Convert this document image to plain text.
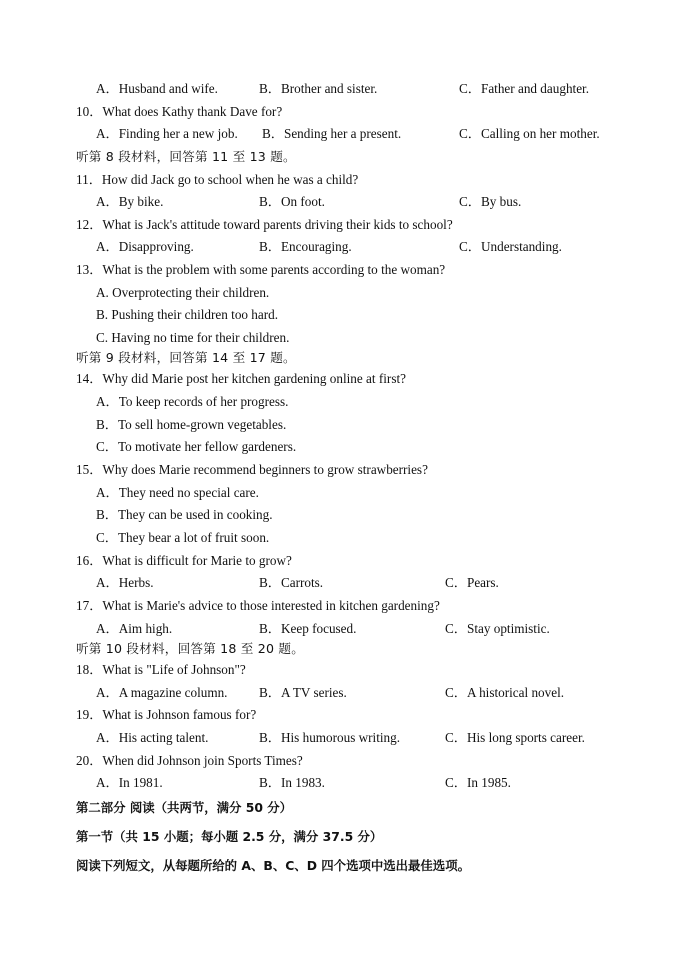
A．Husband and wife.	B．Brother and sister.	C．Father and daughter.
10．What does Kathy thank Dave for?
A．Finding her a new job. B．Sending her a present.	C．Calling on her mother.
听第 8 段材料，回答第 11 至 13 题。
11．How did Jack go to school when he was a child?
A．By bike.	B．On foot.	C．By bus.
12．What is Jack's attitude toward parents driving their kids to school?
A．Disapproving.	B．Encouraging.	C．Understanding.
13．What is the problem with some parents according to the woman?
A. Overprotecting their children.
B. Pushing their children too hard.
C. Having no time for their children.
听第 9 段材料，回答第 14 至 17 题。
14．Why did Marie post her kitchen gardening online at first?
A．To keep records of her progress.
B．To sell home-grown vegetables.
C．To motivate her fellow gardeners.
15．Why does Marie recommend beginners to grow strawberries?
A．They need no special care.
B．They can be used in cooking.
C．They bear a lot of fruit soon.
16．What is difficult for Marie to grow?
A．Herbs.	B．Carrots.	C．Pears.
17．What is Marie's advice to those interested in kitchen gardening?
A．Aim high.	B．Keep focused.	C．Stay optimistic.
听第 10 段材料，回答第 18 至 20 题。
18．What is "Life of Johnson"?
A．A magazine column. B．A TV series.	C．A historical novel.
19．What is Johnson famous for?
A．His acting talent.	B．His humorous writing.	C．His long sports career.
20．When did Johnson join Sports Times?
A．In 1981.	B．In 1983.	C．In 1985.
第二部分 阅读（共两节，满分 50 分）
第一节（共 15 小题；每小题 2.5 分，满分 37.5 分）
阅读下列短文，从每题所给的 A、B、C、D 四个选项中选出最佳选项。
